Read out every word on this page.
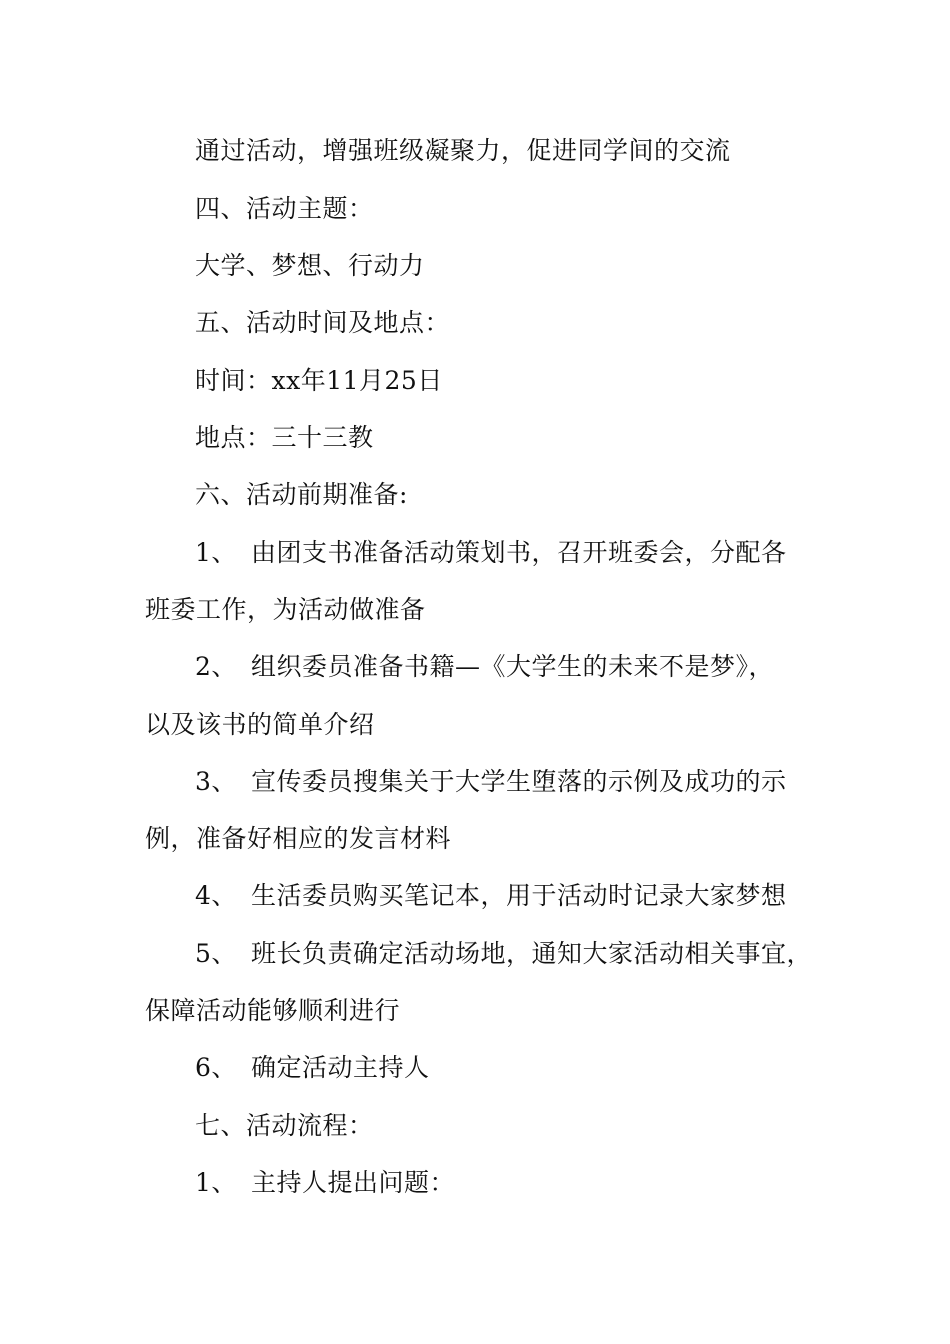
通过活动，增强班级凝聚力，促进同学间的交流
四、活动主题：
大学、梦想、行动力
五、活动时间及地点：
时间：xx年11月25日
地点：三十三教
六、活动前期准备:
1、 由团支书准备活动策划书，召开班委会，分配各
班委工作，为活动做准备
2、 组织委员准备书籍—《大学生的未来不是梦》，
以及该书的简单介绍
3、 宣传委员搜集关于大学生堕落的示例及成功的示
例，准备好相应的发言材料
4、 生活委员购买笔记本，用于活动时记录大家梦想
5、 班长负责确定活动场地，通知大家活动相关事宜，
保障活动能够顺利进行
6、 确定活动主持人
七、活动流程：
1、 主持人提出问题：
